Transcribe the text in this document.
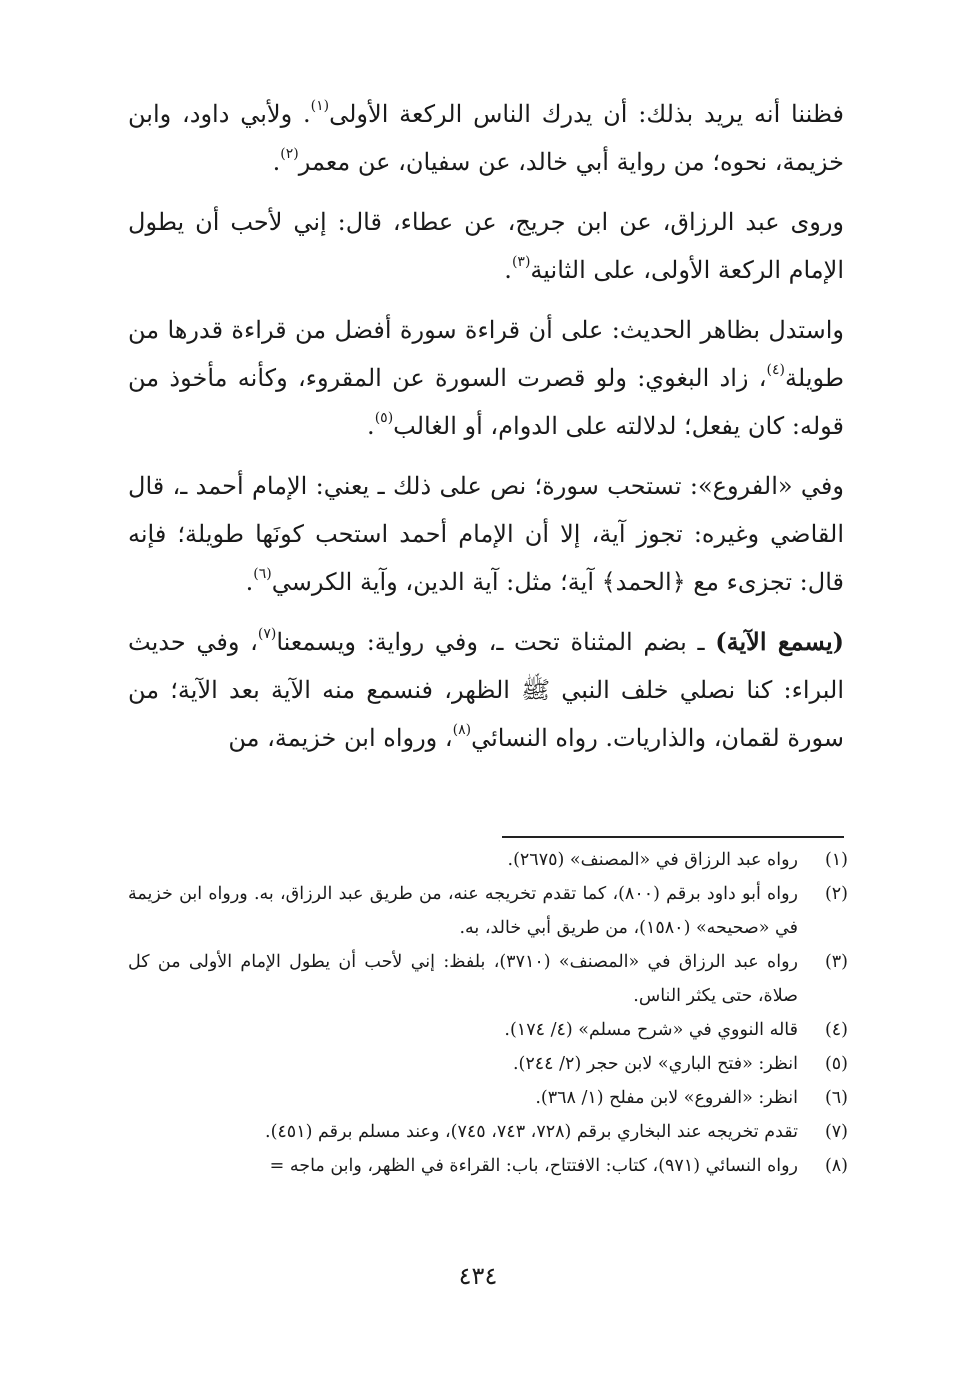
فظننا أنه يريد بذلك: أن يدرك الناس الركعة الأولى$^{(١)}$. ولأبي داود، وابن خزيمة، نحوه؛ من رواية أبي خالد، عن سفيان، عن معمر$^{(٢)}$.

وروى عبد الرزاق، عن ابن جريج، عن عطاء، قال: إني لأحب أن يطول الإمام الركعة الأولى، على الثانية$^{(٣)}$.

واستدل بظاهر الحديث: على أن قراءة سورة أفضل من قراءة قدرها من طويلة$^{(٤)}$، زاد البغوي: ولو قصرت السورة عن المقروء، وكأنه مأخوذ من قوله: كان يفعل؛ لدلالته على الدوام، أو الغالب$^{(٥)}$.

وفي «الفروع»: تستحب سورة؛ نص على ذلك ـ يعني: الإمام أحمد ـ، قال القاضي وغيره: تجوز آية، إلا أن الإمام أحمد استحب كونَها طويلة؛ فإنه قال: تجزىء مع ﴿الحمد﴾ آية؛ مثل: آية الدين، وآية الكرسي$^{(٦)}$.

(يسمع الآية) ـ بضم المثناة تحت ـ، وفي رواية: ويسمعنا$^{(٧)}$، وفي حديث البراء: كنا نصلي خلف النبي ﷺ الظهر، فنسمع منه الآية بعد الآية؛ من سورة لقمان، والذاريات. رواه النسائي$^{(٨)}$، ورواه ابن خزيمة، من

(١)
رواه عبد الرزاق في «المصنف» (٢٦٧٥).
(٢)
رواه أبو داود برقم (٨٠٠)، كما تقدم تخريجه عنه، من طريق عبد الرزاق، به. ورواه ابن خزيمة في «صحيحه» (١٥٨٠)، من طريق أبي خالد، به.
(٣)
رواه عبد الرزاق في «المصنف» (٣٧١٠)، بلفظ: إني لأحب أن يطول الإمام الأولى من كل صلاة، حتى يكثر الناس.
(٤)
قاله النووي في «شرح مسلم» (٤/ ١٧٤).
(٥)
انظر: «فتح الباري» لابن حجر (٢/ ٢٤٤).
(٦)
انظر: «الفروع» لابن مفلح (١/ ٣٦٨).
(٧)
تقدم تخريجه عند البخاري برقم (٧٢٨، ٧٤٣، ٧٤٥)، وعند مسلم برقم (٤٥١).
(٨)
رواه النسائي (٩٧١)، كتاب: الافتتاح، باب: القراءة في الظهر، وابن ماجه =
٤٣٤
